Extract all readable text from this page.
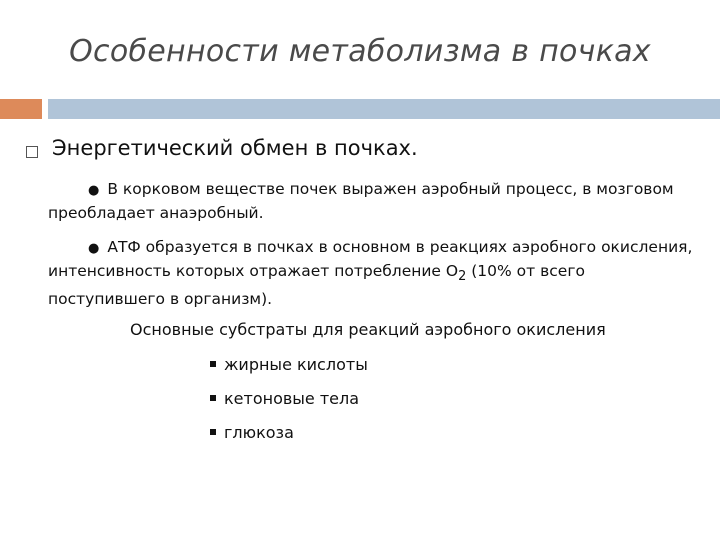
Особенности метаболизма в почках
Энергетический обмен в почках.
● В корковом веществе почек выражен аэробный процесс, в мозговом преобладает анаэробный.
● АТФ образуется в почках в основном в реакциях аэробного окисления, интенсивность которых отражает потребление $О_2$ (10% от всего поступившего в организм).
Основные субстраты для реакций аэробного окисления
жирные кислоты
кетоновые тела
глюкоза
